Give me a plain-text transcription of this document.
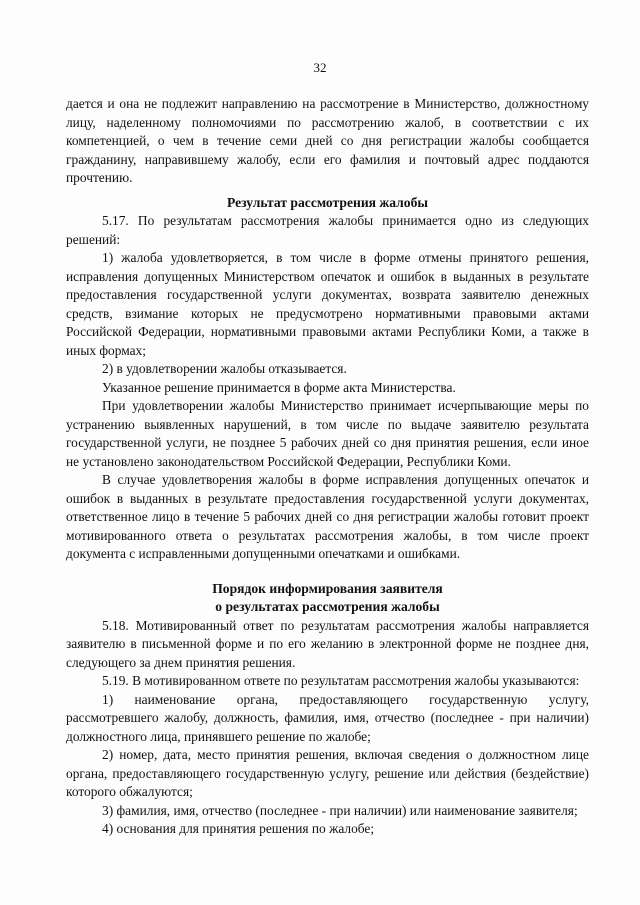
32

дается и она не подлежит направлению на рассмотрение в Министерство, должностному лицу, наделенному полномочиями по рассмотрению жалоб, в соответствии с их компетенцией, о чем в течение семи дней со дня регистрации жалобы сообщается гражданину, направившему жалобу, если его фамилия и почтовый адрес поддаются прочтению.

Результат рассмотрения жалобы

5.17. По результатам рассмотрения жалобы принимается одно из следующих решений:

1) жалоба удовлетворяется, в том числе в форме отмены принятого решения, исправления допущенных Министерством опечаток и ошибок в выданных в результате предоставления государственной услуги документах, возврата заявителю денежных средств, взимание которых не предусмотрено нормативными правовыми актами Российской Федерации, нормативными правовыми актами Республики Коми, а также в иных формах;

2) в удовлетворении жалобы отказывается.

Указанное решение принимается в форме акта Министерства.

При удовлетворении жалобы Министерство принимает исчерпывающие меры по устранению выявленных нарушений, в том числе по выдаче заявителю результата государственной услуги, не позднее 5 рабочих дней со дня принятия решения, если иное не установлено законодательством Российской Федерации, Республики Коми.

В случае удовлетворения жалобы в форме исправления допущенных опечаток и ошибок в выданных в результате предоставления государственной услуги документах, ответственное лицо в течение 5 рабочих дней со дня регистрации жалобы готовит проект мотивированного ответа о результатах рассмотрения жалобы, в том числе проект документа с исправленными допущенными опечатками и ошибками.

Порядок информирования заявителя
о результатах рассмотрения жалобы

5.18. Мотивированный ответ по результатам рассмотрения жалобы направляется заявителю в письменной форме и по его желанию в электронной форме не позднее дня, следующего за днем принятия решения.

5.19. В мотивированном ответе по результатам рассмотрения жалобы указываются:

1) наименование органа, предоставляющего государственную услугу, рассмотревшего жалобу, должность, фамилия, имя, отчество (последнее - при наличии) должностного лица, принявшего решение по жалобе;

2) номер, дата, место принятия решения, включая сведения о должностном лице органа, предоставляющего государственную услугу, решение или действия (бездействие) которого обжалуются;

3) фамилия, имя, отчество (последнее - при наличии) или наименование заявителя;

4) основания для принятия решения по жалобе;
